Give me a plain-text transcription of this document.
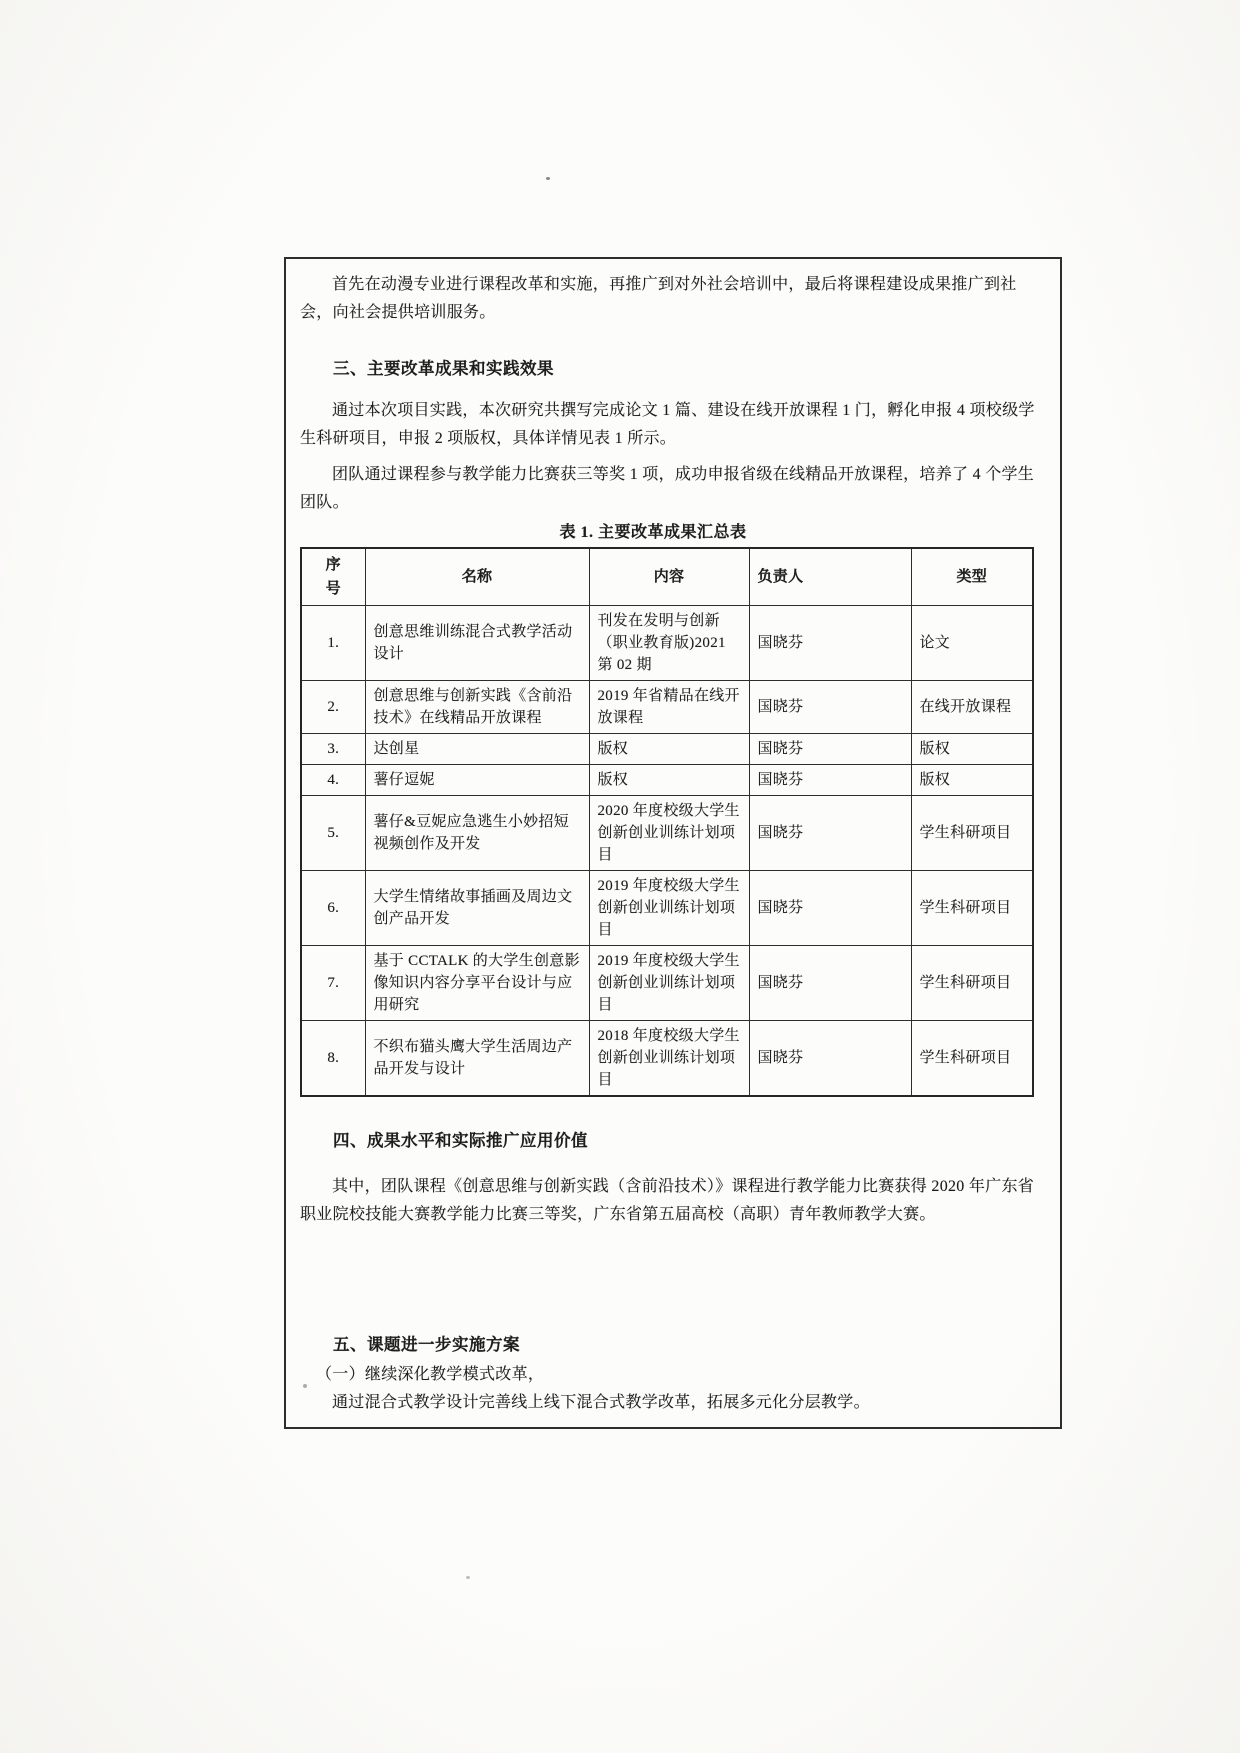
首先在动漫专业进行课程改革和实施，再推广到对外社会培训中，最后将课程建设成果推广到社会，向社会提供培训服务。

三、主要改革成果和实践效果

通过本次项目实践，本次研究共撰写完成论文 1 篇、建设在线开放课程 1 门，孵化申报 4 项校级学生科研项目，申报 2 项版权，具体详情见表 1 所示。

团队通过课程参与教学能力比赛获三等奖 1 项，成功申报省级在线精品开放课程，培养了 4 个学生团队。

表 1. 主要改革成果汇总表
序号	名称	内容	负责人	类型
1.	创意思维训练混合式教学活动设计	刊发在发明与创新（职业教育版)2021 第 02 期	国晓芬	论文
2.	创意思维与创新实践《含前沿技术》在线精品开放课程	2019 年省精品在线开放课程	国晓芬	在线开放课程
3.	达创星	版权	国晓芬	版权
4.	薯仔逗妮	版权	国晓芬	版权
5.	薯仔&豆妮应急逃生小妙招短视频创作及开发	2020 年度校级大学生创新创业训练计划项目	国晓芬	学生科研项目
6.	大学生情绪故事插画及周边文创产品开发	2019 年度校级大学生创新创业训练计划项目	国晓芬	学生科研项目
7.	基于 CCTALK 的大学生创意影像知识内容分享平台设计与应用研究	2019 年度校级大学生创新创业训练计划项目	国晓芬	学生科研项目
8.	不织布猫头鹰大学生活周边产品开发与设计	2018 年度校级大学生创新创业训练计划项目	国晓芬	学生科研项目
四、成果水平和实际推广应用价值

其中，团队课程《创意思维与创新实践（含前沿技术）》课程进行教学能力比赛获得 2020 年广东省职业院校技能大赛教学能力比赛三等奖，广东省第五届高校（高职）青年教师教学大赛。

五、课题进一步实施方案
（一）继续深化教学模式改革，

通过混合式教学设计完善线上线下混合式教学改革，拓展多元化分层教学。
